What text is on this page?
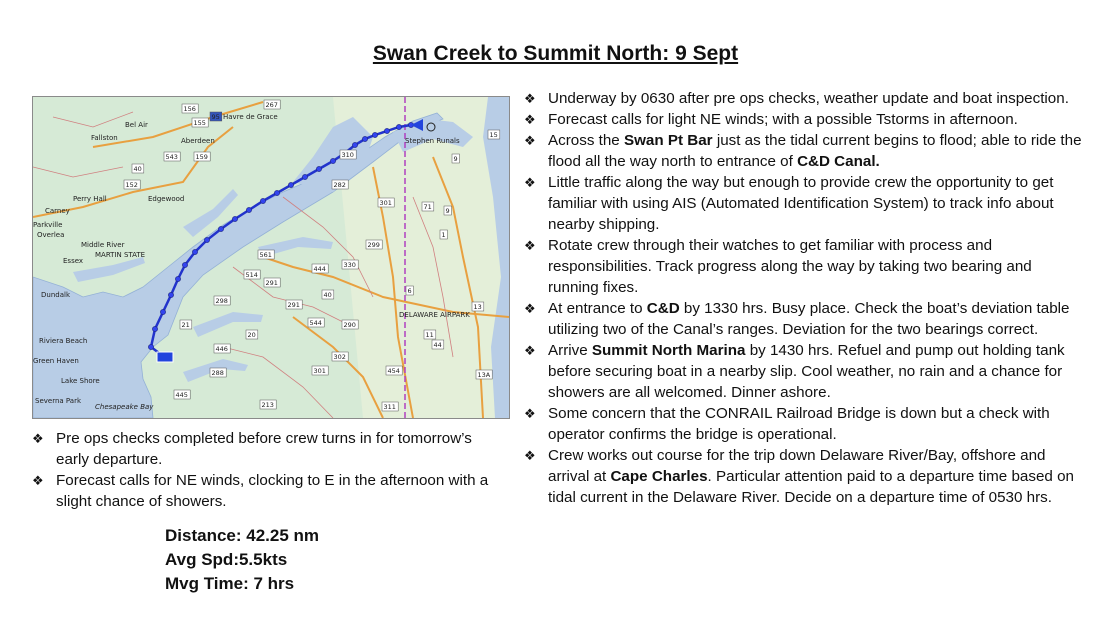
Swan Creek to Summit North: 9 Sept
Bel Air
Havre de Grace
Aberdeen
Fallston
Perry Hall	Edgewood
Carney
Parkville
Overlea
Middle River
Essex
MARTIN STATE
Dundalk
Riviera Beach
Green Haven
Lake Shore
Severna Park
Chesapeake Bay
Stephen Runals
DELAWARE AIRPARK
156
155
95
267
543	159
40
152
310
282
301	71 9
1
299
330
6
444
561
514
291
298	291
544	290
21
446
20
302
301	454
213
445
288
11
44
13
13A
311
9
15
40
❖ Underway by 0630 after pre ops checks, weather update and boat inspection.
❖ Forecast calls for light NE winds; with a possible Tstorms in afternoon.
❖ Across the Swan Pt Bar just as the tidal current begins to flood; able to ride the flood all the way north to entrance of C&D Canal.
❖ Little traffic along the way but enough to provide crew the opportunity to get familiar with using AIS (Automated Identification System) to track info about nearby shipping.
❖ Rotate crew through their watches to get familiar with process and responsibilities. Track progress along the way by taking two bearing and running fixes.
❖ At entrance to C&D by 1330 hrs. Busy place. Check the boat’s deviation table utilizing two of the Canal’s ranges. Deviation for the two bearings correct.
❖ Arrive Summit North Marina by 1430 hrs. Refuel and pump out holding tank before securing boat in a nearby slip. Cool weather, no rain and a chance for showers are all welcomed. Dinner ashore.
❖ Some concern that the CONRAIL Railroad Bridge is down but a check with operator confirms the bridge is operational.
❖ Crew works out course for the trip down Delaware River/Bay, offshore and arrival at Cape Charles. Particular attention paid to a departure time based on tidal current in the Delaware River. Decide on a departure time of 0530 hrs.
❖ Pre ops checks completed before crew turns in for tomorrow’s early departure.
❖ Forecast calls for NE winds, clocking to E in the afternoon with a slight chance of showers.
Distance: 42.25 nm
Avg Spd:5.5kts
Mvg Time: 7 hrs
